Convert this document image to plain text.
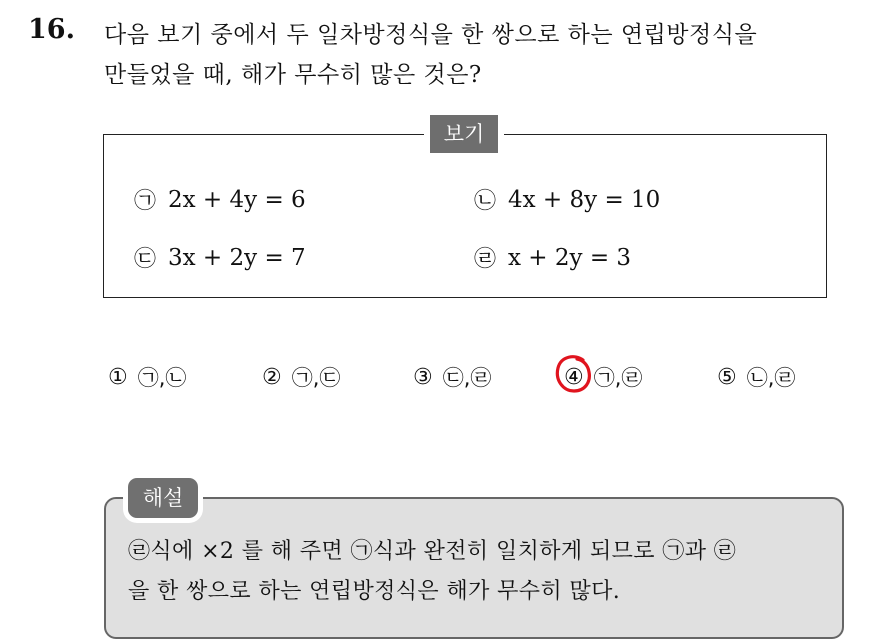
16. 다음 보기 중에서 두 일차방정식을 한 쌍으로 하는 연립방정식을
만들었을 때, 해가 무수히 많은 것은?
보기
㉠ 2x + 4y = 6	㉡ 4x + 8y = 10
㉢ 3x + 2y = 7	㉣ x + 2y = 3
① ㉠,㉡	② ㉠,㉢	③ ㉢,㉣	④ ㉠,㉣	⑤ ㉡,㉣
해설
㉣식에 ×2 를 해 주면 ㉠식과 완전히 일치하게 되므로 ㉠과 ㉣
을 한 쌍으로 하는 연립방정식은 해가 무수히 많다.
